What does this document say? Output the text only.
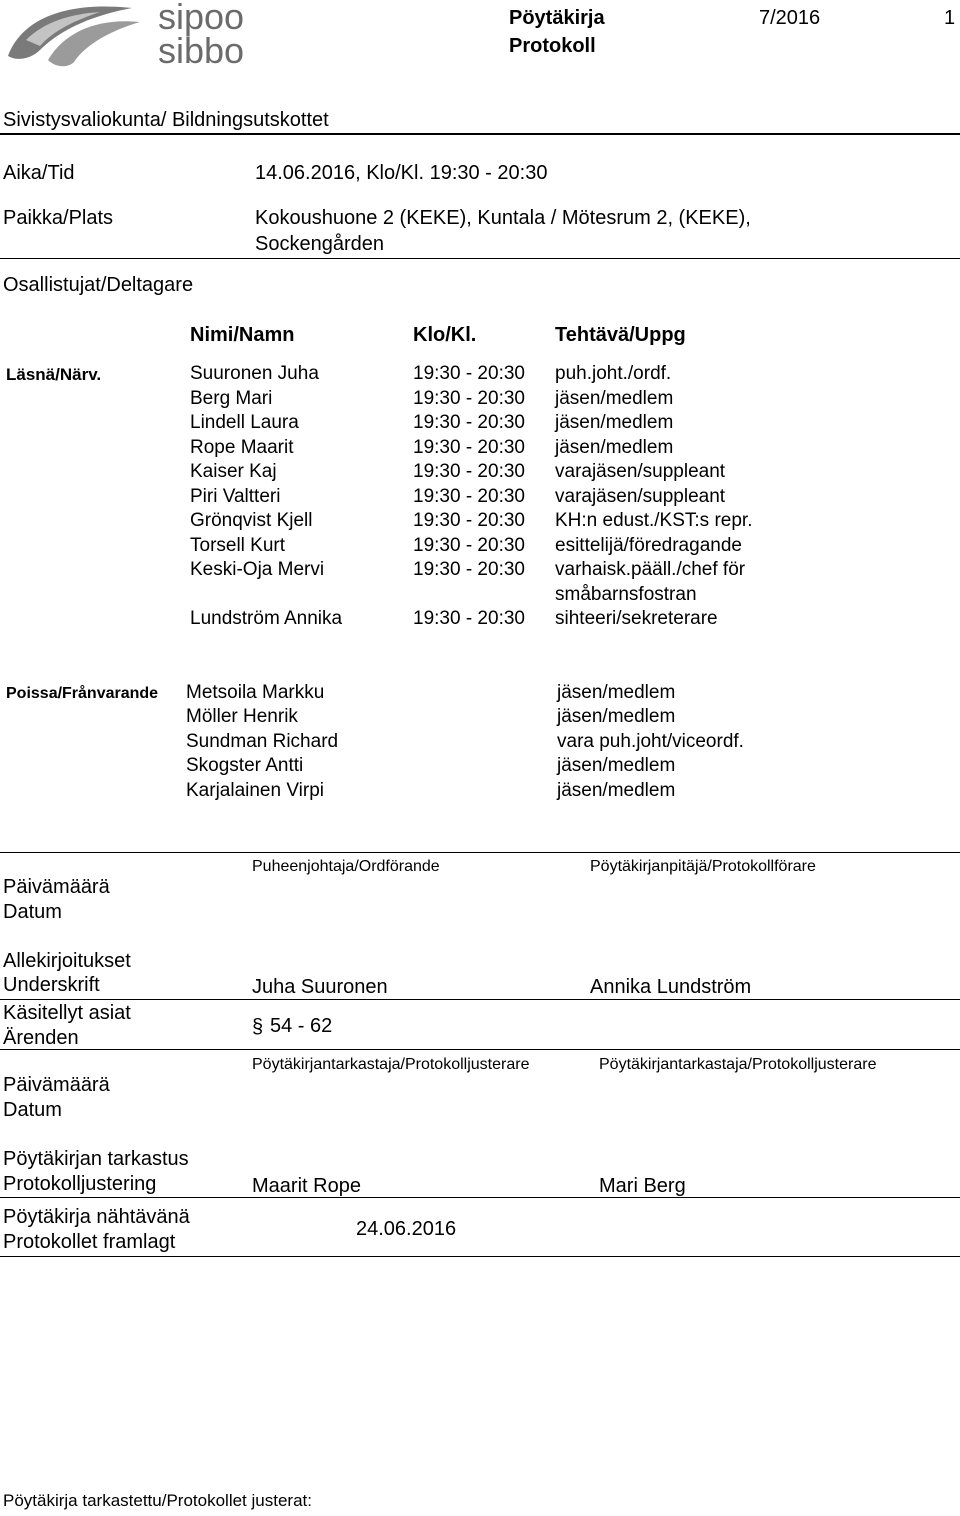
sipoo
sibbo
Pöytäkirja
Protokoll
7/2016	1
Sivistysvaliokunta/ Bildningsutskottet
Aika/Tid	14.06.2016, Klo/Kl. 19:30 - 20:30
Paikka/Plats	Kokoushuone 2 (KEKE), Kuntala / Mötesrum 2, (KEKE),
Sockengården
Osallistujat/Deltagare
Nimi/Namn	Klo/Kl.	Tehtävä/Uppg
Läsnä/Närv.	Suuronen Juha	19:30 - 20:30 puh.joht./ordf.
Berg Mari	19:30 - 20:30 jäsen/medlem
Lindell Laura	19:30 - 20:30 jäsen/medlem
Rope Maarit	19:30 - 20:30 jäsen/medlem
Kaiser Kaj	19:30 - 20:30 varajäsen/suppleant
Piri Valtteri	19:30 - 20:30 varajäsen/suppleant
Grönqvist Kjell	19:30 - 20:30 KH:n edust./KST:s repr.
Torsell Kurt	19:30 - 20:30 esittelijä/föredragande
Keski-Oja Mervi	19:30 - 20:30 varhaisk.pääll./chef för
småbarnsfostran
Lundström Annika	19:30 - 20:30 sihteeri/sekreterare
Poissa/Frånvarande Metsoila Markku	jäsen/medlem
Möller Henrik	jäsen/medlem
Sundman Richard	vara puh.joht/viceordf.
Skogster Antti	jäsen/medlem
Karjalainen Virpi	jäsen/medlem
Puheenjohtaja/Ordförande	Pöytäkirjanpitäjä/Protokollförare
Päivämäärä
Datum
Allekirjoitukset
Underskrift	Juha Suuronen	Annika Lundström
Käsitellyt asiat
Ärenden	§ 54 - 62
Pöytäkirjantarkastaja/Protokolljusterare	Pöytäkirjantarkastaja/Protokolljusterare
Päivämäärä
Datum
Pöytäkirjan tarkastus
Protokolljustering	Maarit Rope	Mari Berg
Pöytäkirja nähtävänä
Protokollet framlagt
24.06.2016
Pöytäkirja tarkastettu/Protokollet justerat:
